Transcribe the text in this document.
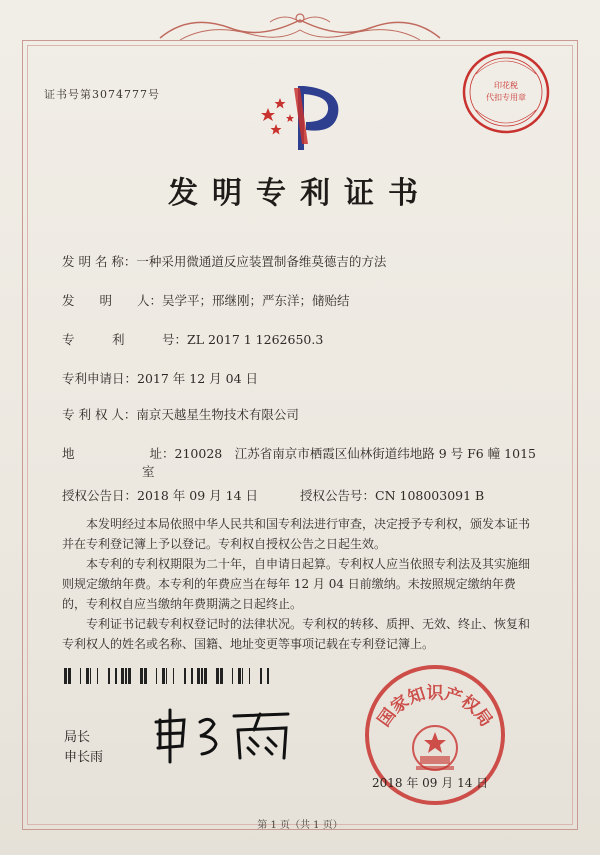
证书号第3074777号
印花税
代扣专用章
发明专利证书
发 明 名 称：一种采用微通道反应装置制备维莫德吉的方法
发　　明　　人：吴学平；邢继刚；严东洋；储贻结
专　　　利　　　号：ZL 2017 1 1262650.3
专利申请日：2017 年 12 月 04 日
专 利 权 人：南京天越星生物技术有限公司
地　　　　　　址：210028　江苏省南京市栖霞区仙林街道纬地路 9 号 F6 幢 1015
室
授权公告日：2018 年 09 月 14 日	授权公告号：CN 108003091 B
本发明经过本局依照中华人民共和国专利法进行审查，决定授予专利权，颁发本证书并在专利登记簿上予以登记。专利权自授权公告之日起生效。
本专利的专利权期限为二十年，自申请日起算。专利权人应当依照专利法及其实施细则规定缴纳年费。本专利的年费应当在每年 12 月 04 日前缴纳。未按照规定缴纳年费的，专利权自应当缴纳年费期满之日起终止。
专利证书记载专利权登记时的法律状况。专利权的转移、质押、无效、终止、恢复和专利权人的姓名或名称、国籍、地址变更等事项记载在专利登记簿上。
局长
申长雨
国家知识产权局
2018 年 09 月 14 日
第 1 页（共 1 页）
